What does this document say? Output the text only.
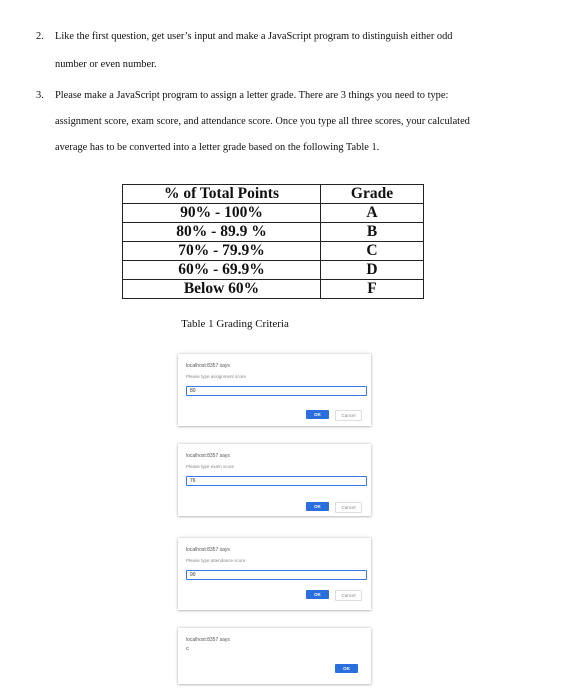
2. Like the first question, get user’s input and make a JavaScript program to distinguish either odd
number or even number.
3. Please make a JavaScript program to assign a letter grade. There are 3 things you need to type:
assignment score, exam score, and attendance score. Once you type all three scores, your calculated
average has to be converted into a letter grade based on the following Table 1.
% of Total Points	Grade
90% - 100%	A
80% - 89.9 %	B
70% - 79.9%	C
60% - 69.9%	D
Below 60%	F
Table 1 Grading Criteria
localhost:8357 says
Please type assignment score
80
OK	Cancel
localhost:8357 says
Please type exam score
76
OK	Cancel
localhost:8357 says
Please type attendance score
90
OK	Cancel
localhost:8357 says
C
OK
